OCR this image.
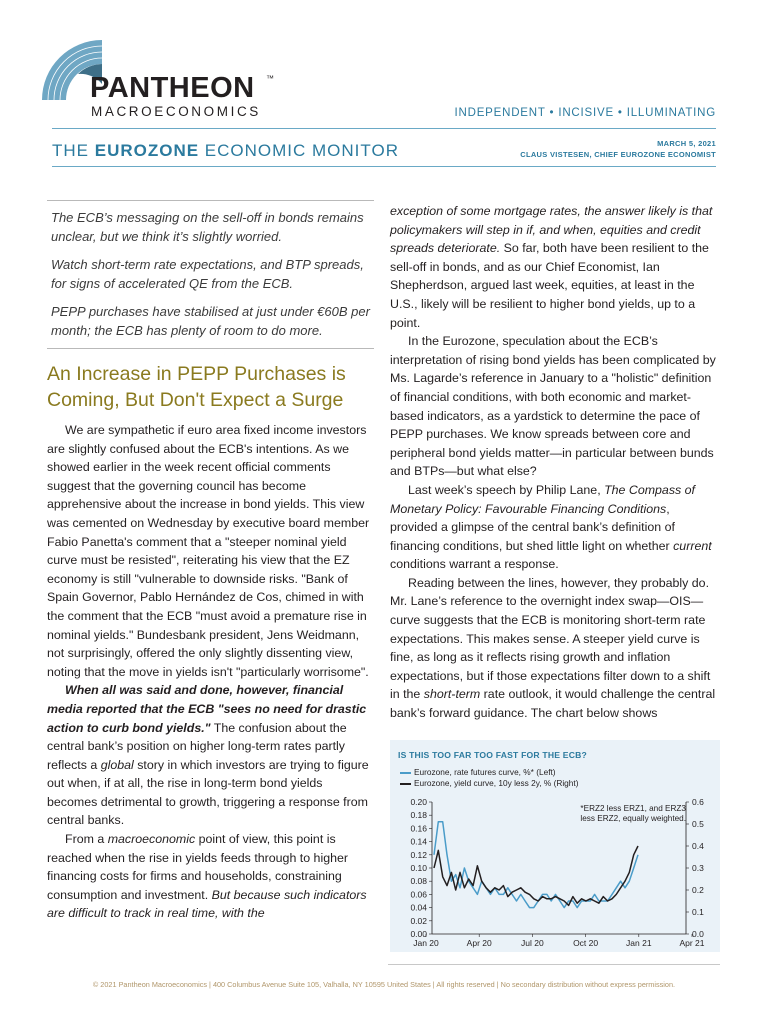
PANTHEON ™
MACROECONOMICS	INDEPENDENT • INCISIVE • ILLUMINATING
THE EUROZONE ECONOMIC MONITOR	MARCH 5, 2021
CLAUS VISTESEN, CHIEF EUROZONE ECONOMIST

The ECB’s messaging on the sell-off in bonds remains unclear, but we think it’s slightly worried.

Watch short-term rate expectations, and BTP spreads, for signs of accelerated QE from the ECB.

PEPP purchases have stabilised at just under €60B per month; the ECB has plenty of room to do more.

An Increase in PEPP Purchases is Coming, But Don't Expect a Surge

We are sympathetic if euro area fixed income investors are slightly confused about the ECB's intentions. As we showed earlier in the week recent official comments suggest that the governing council has become apprehensive about the increase in bond yields. This view was cemented on Wednesday by executive board member Fabio Panetta's comment that a "steeper nominal yield curve must be resisted", reiterating his view that the EZ economy is still "vulnerable to downside risks. "Bank of Spain Governor, Pablo Hernández de Cos, chimed in with the comment that the ECB "must avoid a premature rise in nominal yields." Bundesbank president, Jens Weidmann, not surprisingly, offered the only slightly dissenting view, noting that the move in yields isn't "particularly worrisome".

When all was said and done, however, financial media reported that the ECB "sees no need for drastic action to curb bond yields." The confusion about the central bank’s position on higher long-term rates partly reflects a global story in which investors are trying to figure out when, if at all, the rise in long-term bond yields becomes detrimental to growth, triggering a response from central banks.

From a macroeconomic point of view, this point is reached when the rise in yields feeds through to higher financing costs for firms and households, constraining consumption and investment. But because such indicators are difficult to track in real time, with the

exception of some mortgage rates, the answer likely is that policymakers will step in if, and when, equities and credit spreads deteriorate. So far, both have been resilient to the sell-off in bonds, and as our Chief Economist, Ian Shepherdson, argued last week, equities, at least in the U.S., likely will be resilient to higher bond yields, up to a point.

In the Eurozone, speculation about the ECB’s interpretation of rising bond yields has been complicated by Ms. Lagarde’s reference in January to a "holistic" definition of financial conditions, with both economic and market-based indicators, as a yardstick to determine the pace of PEPP purchases. We know spreads between core and peripheral bond yields matter—in particular between bunds and BTPs—but what else?

Last week’s speech by Philip Lane, The Compass of Monetary Policy: Favourable Financing Conditions, provided a glimpse of the central bank’s definition of financing conditions, but shed little light on whether current conditions warrant a response.

Reading between the lines, however, they probably do. Mr. Lane’s reference to the overnight index swap—OIS—curve suggests that the ECB is monitoring short-term rate expectations. This makes sense. A steeper yield curve is fine, as long as it reflects rising growth and inflation expectations, but if those expectations filter down to a shift in the short-term rate outlook, it would challenge the central bank’s forward guidance. The chart below shows

0.20
0.18
0.16
0.14
0.12
0.10
0.08
0.06
0.04
0.02
0.00
0.6
0.5
0.4
0.3
0.2
0.1
0.0
Jan 20	Apr 20	Jul 20	Oct 20	Jan 21	Apr 21
*ERZ2 less ERZ1, and ERZ3
less ERZ2, equally weighted.
IS THIS TOO FAR TOO FAST FOR THE ECB?
Eurozone, rate futures curve, %* (Left)
Eurozone, yield curve, 10y less 2y, % (Right)
© 2021 Pantheon Macroeconomics | 400 Columbus Avenue Suite 105, Valhalla, NY 10595 United States | All rights reserved | No secondary distribution without express permission.
